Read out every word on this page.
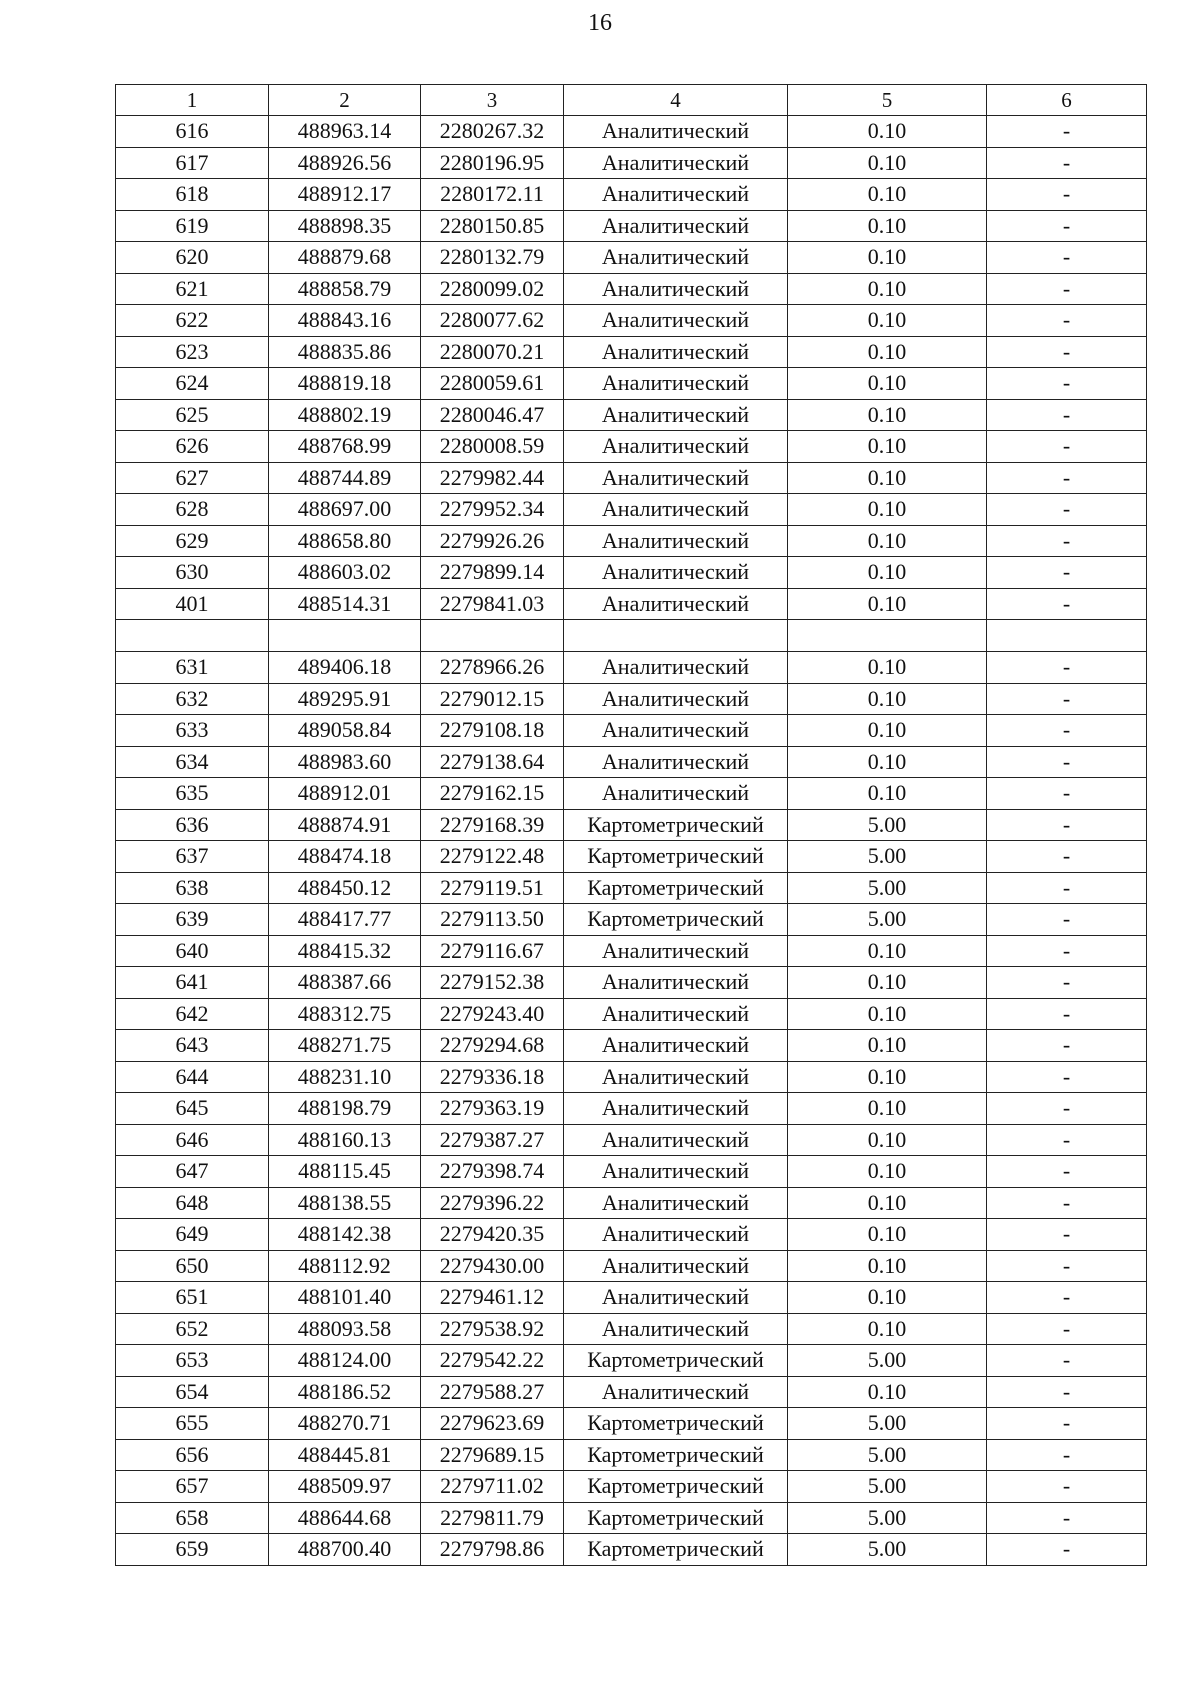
16
1	2	3	4	5	6
616	488963.14	2280267.32	Аналитический	0.10	-
617	488926.56	2280196.95	Аналитический	0.10	-
618	488912.17	2280172.11	Аналитический	0.10	-
619	488898.35	2280150.85	Аналитический	0.10	-
620	488879.68	2280132.79	Аналитический	0.10	-
621	488858.79	2280099.02	Аналитический	0.10	-
622	488843.16	2280077.62	Аналитический	0.10	-
623	488835.86	2280070.21	Аналитический	0.10	-
624	488819.18	2280059.61	Аналитический	0.10	-
625	488802.19	2280046.47	Аналитический	0.10	-
626	488768.99	2280008.59	Аналитический	0.10	-
627	488744.89	2279982.44	Аналитический	0.10	-
628	488697.00	2279952.34	Аналитический	0.10	-
629	488658.80	2279926.26	Аналитический	0.10	-
630	488603.02	2279899.14	Аналитический	0.10	-
401	488514.31	2279841.03	Аналитический	0.10	-

631	489406.18	2278966.26	Аналитический	0.10	-
632	489295.91	2279012.15	Аналитический	0.10	-
633	489058.84	2279108.18	Аналитический	0.10	-
634	488983.60	2279138.64	Аналитический	0.10	-
635	488912.01	2279162.15	Аналитический	0.10	-
636	488874.91	2279168.39	Картометрический	5.00	-
637	488474.18	2279122.48	Картометрический	5.00	-
638	488450.12	2279119.51	Картометрический	5.00	-
639	488417.77	2279113.50	Картометрический	5.00	-
640	488415.32	2279116.67	Аналитический	0.10	-
641	488387.66	2279152.38	Аналитический	0.10	-
642	488312.75	2279243.40	Аналитический	0.10	-
643	488271.75	2279294.68	Аналитический	0.10	-
644	488231.10	2279336.18	Аналитический	0.10	-
645	488198.79	2279363.19	Аналитический	0.10	-
646	488160.13	2279387.27	Аналитический	0.10	-
647	488115.45	2279398.74	Аналитический	0.10	-
648	488138.55	2279396.22	Аналитический	0.10	-
649	488142.38	2279420.35	Аналитический	0.10	-
650	488112.92	2279430.00	Аналитический	0.10	-
651	488101.40	2279461.12	Аналитический	0.10	-
652	488093.58	2279538.92	Аналитический	0.10	-
653	488124.00	2279542.22	Картометрический	5.00	-
654	488186.52	2279588.27	Аналитический	0.10	-
655	488270.71	2279623.69	Картометрический	5.00	-
656	488445.81	2279689.15	Картометрический	5.00	-
657	488509.97	2279711.02	Картометрический	5.00	-
658	488644.68	2279811.79	Картометрический	5.00	-
659	488700.40	2279798.86	Картометрический	5.00	-
